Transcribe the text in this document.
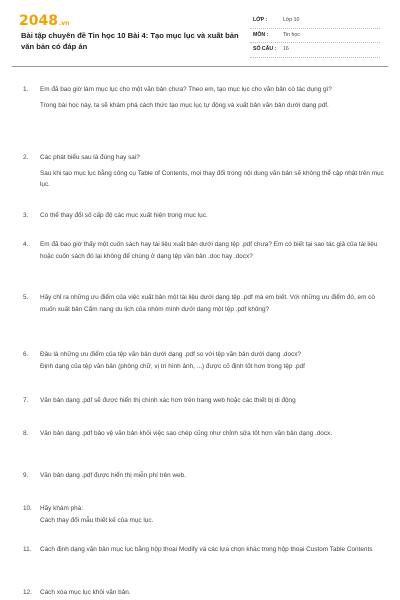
2048.vn
Bài tập chuyên đề Tin học 10 Bài 4: Tạo mục lục và xuất bản văn bản có đáp án
LỚP :	Lớp 10
MÔN :	Tin học
SỐ CÂU : 16
1.	Em đã bao giờ làm mục lục cho một văn bản chưa? Theo em, tạo mục lục cho văn bản có tác dụng gì?

Trong bài học này, ta sẽ khám phá cách thức tạo mục lục tự động và xuất bản văn bản dưới dạng pdf.

2.	Các phát biểu sau là đúng hay sai?

Sau khi tạo mục lục bằng công cụ Table of Contents, mọi thay đổi trong nội dung văn bản sẽ không thể cập nhật trên mục lục.

3.	Có thể thay đổi số cấp độ các mục xuất hiện trong mục lục.

4.	Em đã bao giờ thấy một cuốn sách hay tài liệu xuất bản dưới dạng tệp .pdf chưa? Em có biết tại sao tác giả của tài liệu hoặc cuốn sách đó lại không để chúng ở dạng tệp văn bản .doc hay .docx?

5.	Hãy chỉ ra những ưu điểm của việc xuất bản một tài liệu dưới dạng tệp .pdf mà em biết. Với những ưu điểm đó, em có muốn xuất bản Cẩm nang du lịch của nhóm mình dưới dạng một tệp .pdf không?

6.	Đâu là những ưu điểm của tệp văn bản dưới dạng .pdf so với tệp văn bản dưới dạng .docx?

Định dạng của tệp văn bản (phông chữ, vị trí hình ảnh, ...) được cố định tốt hơn trong tệp .pdf

7.	Văn bản dạng .pdf sẽ được hiển thị chính xác hơn trên trang web hoặc các thiết bị di động

8.	Văn bản dạng .pdf bảo vệ văn bản khỏi việc sao chép cũng như chỉnh sửa tốt hơn văn bản dạng .docx.

9.	Văn bản dạng .pdf được hiển thị miễn phí trên web.

10.	Hãy khám phá:

Cách thay đổi mẫu thiết kế của mục lục.

11.	Cách định dạng văn bản mục lục bằng hộp thoại Modify và các lựa chọn khác trong hộp thoại Custom Table Contents

12.	Cách xóa mục lục khỏi văn bản.
